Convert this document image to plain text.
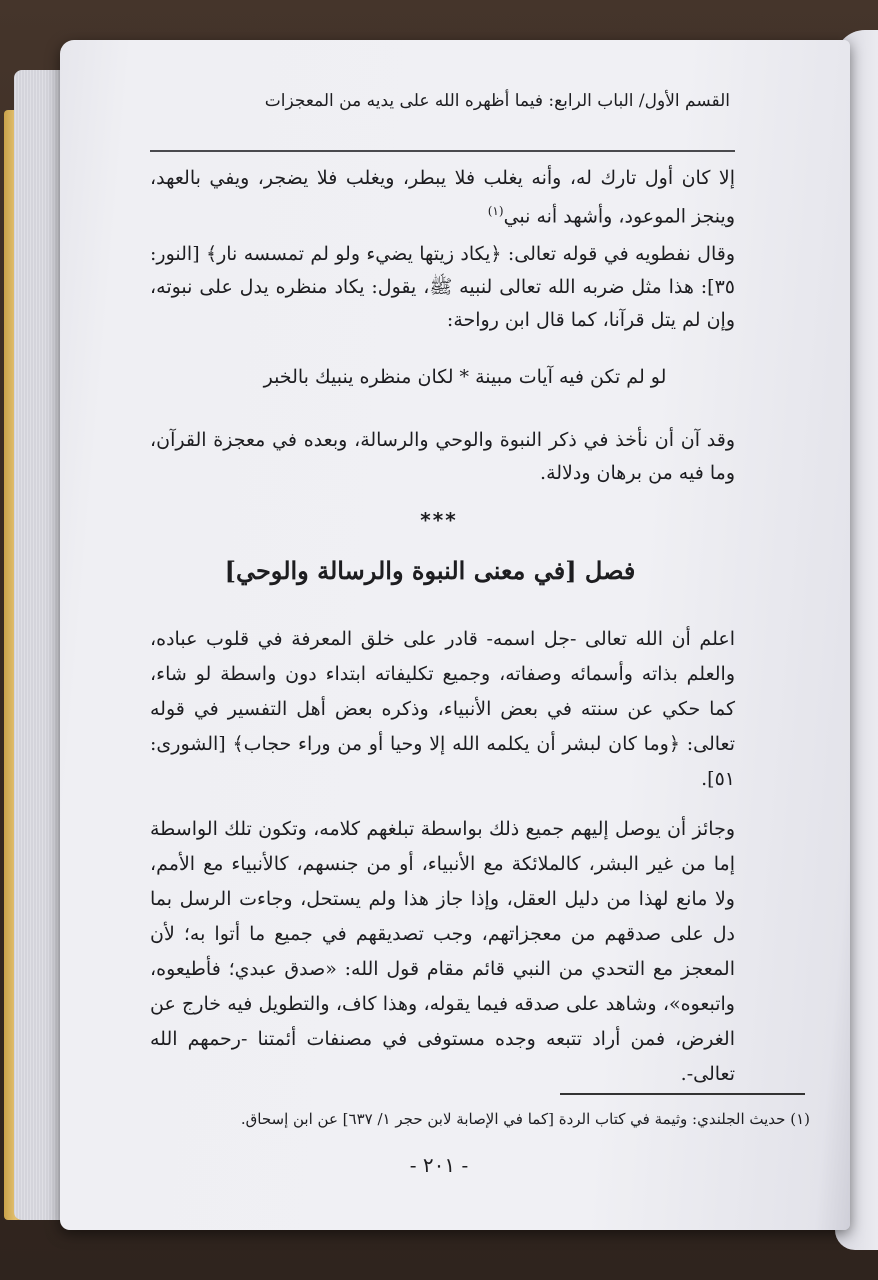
القسم الأول/ الباب الرابع: فيما أظهره الله على يديه من المعجزات
إلا كان أول تارك له، وأنه يغلب فلا يبطر، ويغلب فلا يضجر، ويفي بالعهد، وينجز الموعود، وأشهد أنه نبي$^{(١)}$
وقال نفطويه في قوله تعالى: ﴿يكاد زيتها يضيء ولو لم تمسسه نار﴾ [النور: ٣٥]: هذا مثل ضربه الله تعالى لنبيه ﷺ، يقول: يكاد منظره يدل على نبوته، وإن لم يتل قرآنا، كما قال ابن رواحة:
لو لم تكن فيه آيات مبينة * لكان منظره ينبيك بالخبر
وقد آن أن نأخذ في ذكر النبوة والوحي والرسالة، وبعده في معجزة القرآن، وما فيه من برهان ودلالة.
***
فصل [في معنى النبوة والرسالة والوحي]
اعلم أن الله تعالى -جل اسمه- قادر على خلق المعرفة في قلوب عباده، والعلم بذاته وأسمائه وصفاته، وجميع تكليفاته ابتداء دون واسطة لو شاء، كما حكي عن سنته في بعض الأنبياء، وذكره بعض أهل التفسير في قوله تعالى: ﴿وما كان لبشر أن يكلمه الله إلا وحيا أو من وراء حجاب﴾ [الشورى: ٥١].
وجائز أن يوصل إليهم جميع ذلك بواسطة تبلغهم كلامه، وتكون تلك الواسطة إما من غير البشر، كالملائكة مع الأنبياء، أو من جنسهم، كالأنبياء مع الأمم، ولا مانع لهذا من دليل العقل، وإذا جاز هذا ولم يستحل، وجاءت الرسل بما دل على صدقهم من معجزاتهم، وجب تصديقهم في جميع ما أتوا به؛ لأن المعجز مع التحدي من النبي قائم مقام قول الله: «صدق عبدي؛ فأطيعوه، واتبعوه»، وشاهد على صدقه فيما يقوله، وهذا كاف، والتطويل فيه خارج عن الغرض، فمن أراد تتبعه وجده مستوفى في مصنفات أئمتنا -رحمهم الله تعالى-.
(١) حديث الجلندي: وثيمة في كتاب الردة [كما في الإصابة لابن حجر ١/ ٦٣٧] عن ابن إسحاق.
- ٢٠١ -
